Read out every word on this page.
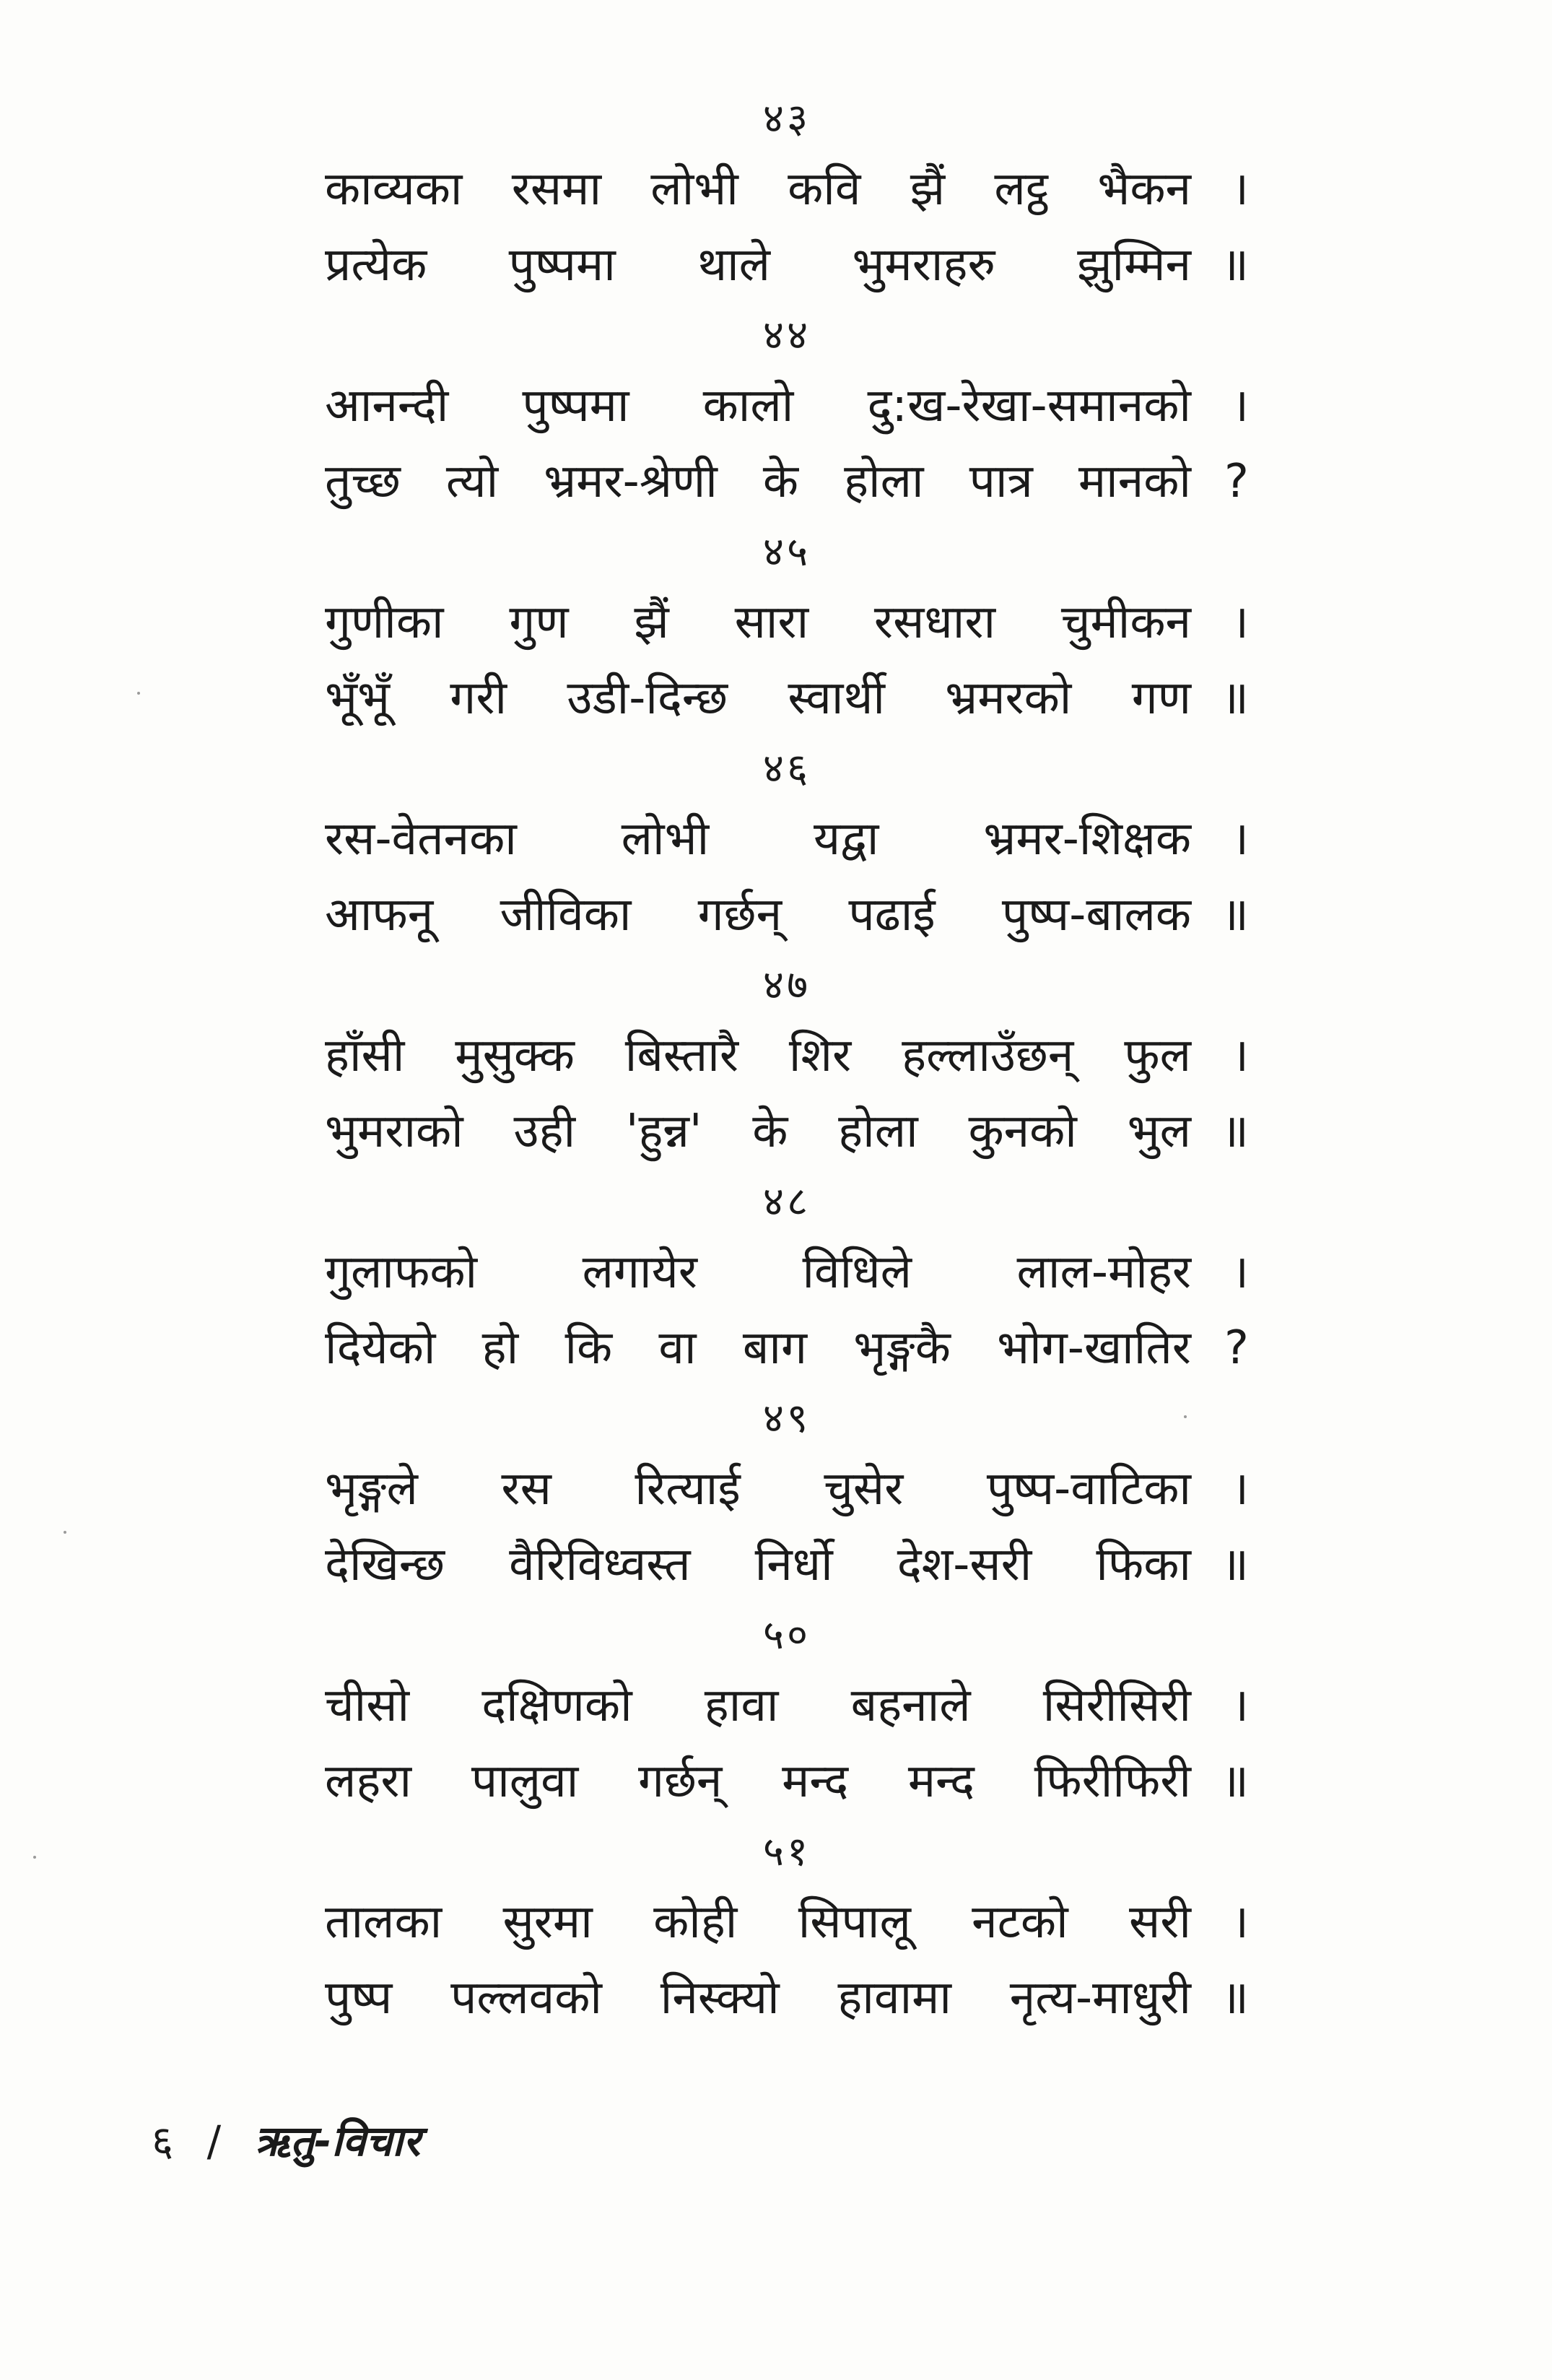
४३
काव्यका रसमा लोभी कवि झैं लट्ठ भैकन ।
प्रत्येक पुष्पमा थाले भुमराहरु झुम्मिन ॥
४४
आनन्दी पुष्पमा कालो दु:ख-रेखा-समानको ।
तुच्छ त्यो भ्रमर-श्रेणी के होला पात्र मानको ?
४५
गुणीका गुण झैं सारा रसधारा चुमीकन ।
भूँभूँ गरी उडी-दिन्छ स्वार्थी भ्रमरको गण ॥
४६
रस-वेतनका लोभी यद्वा भ्रमर-शिक्षक ।
आफनू जीविका गर्छन् पढाई पुष्प-बालक ॥
४७
हाँसी मुसुक्क बिस्तारै शिर हल्लाउँछन् फुल ।
भुमराको उही 'हुन्न' के होला कुनको भुल ॥
४८
गुलाफको लगायेर विधिले लाल-मोहर ।
दियेको हो कि वा बाग भृङ्गकै भोग-खातिर ?
४९
भृङ्गले रस रित्याई चुसेर पुष्प-वाटिका ।
देखिन्छ वैरिविध्वस्त निर्धो देश-सरी फिका ॥
५०
चीसो दक्षिणको हावा बहनाले सिरीसिरी ।
लहरा पालुवा गर्छन् मन्द मन्द फिरीफिरी ॥
५१
तालका सुरमा कोही सिपालू नटको सरी ।
पुष्प पल्लवको निस्क्यो हावामा नृत्य-माधुरी ॥
६ / ऋतु-विचार
